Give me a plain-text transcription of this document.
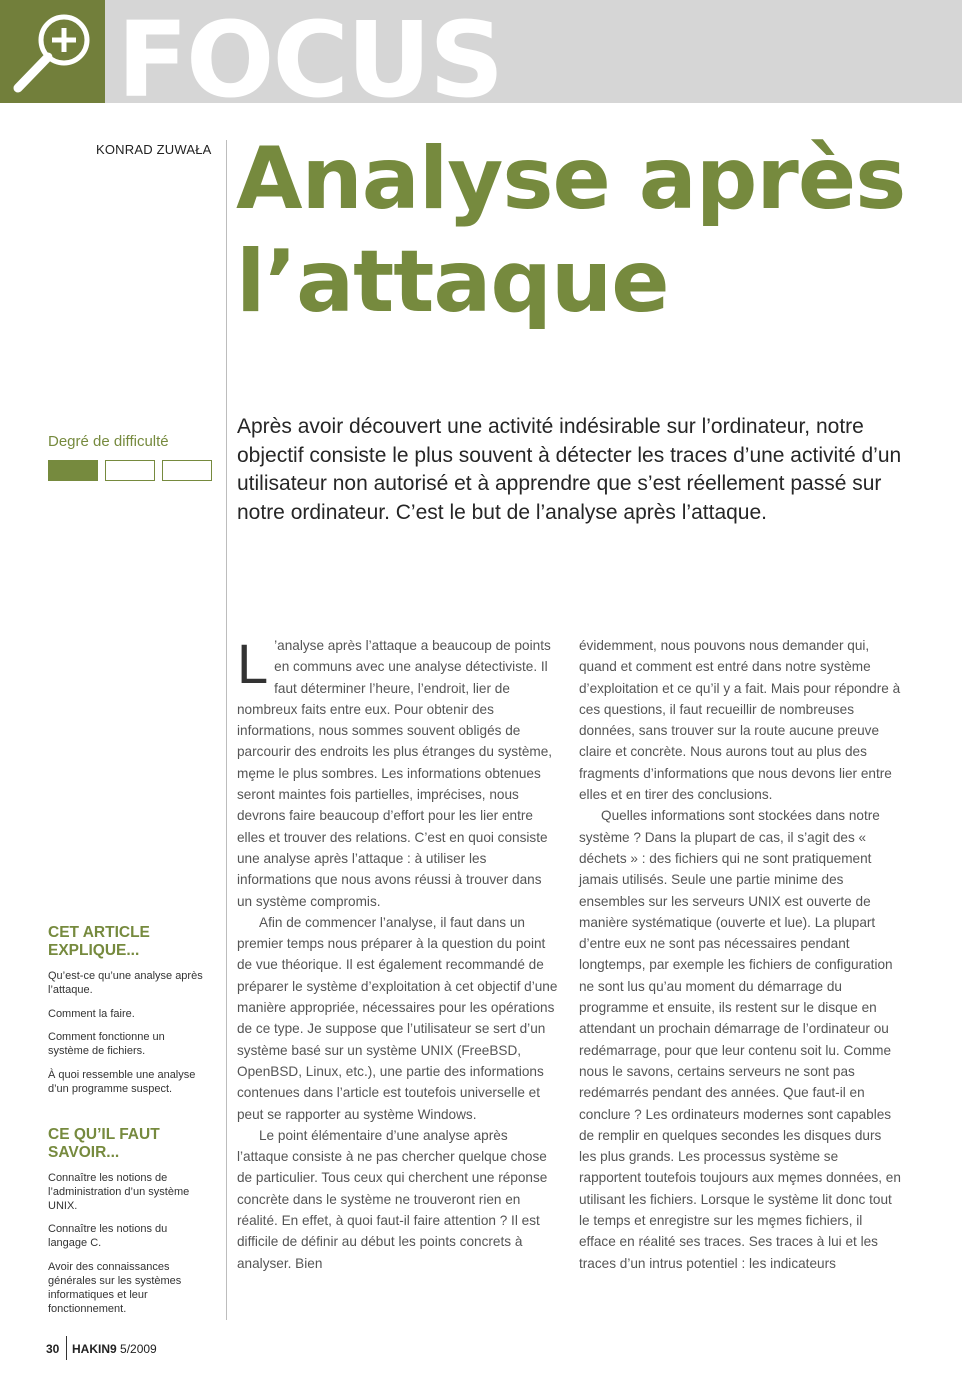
FOCUS
KONRAD ZUWAŁA Analyse après l’attaque
Degré de difficulté

Après avoir découvert une activité indésirable sur l’ordinateur, notre objectif consiste le plus souvent à détecter les traces d’une activité d’un utilisateur non autorisé et à apprendre que s’est réellement passé sur notre ordinateur. C’est le but de l’analyse après l’attaque.

L ’analyse après l’attaque a beaucoup de points en communs avec une analyse détectiviste. Il faut déterminer l’heure, l’endroit, lier de nombreux faits entre eux. Pour obtenir des informations, nous sommes souvent obligés de parcourir des endroits les plus étranges du système, mȩme le plus sombres. Les informations obtenues seront maintes fois partielles, imprécises, nous devrons faire beaucoup d’effort pour les lier entre elles et trouver des relations. C’est en quoi consiste une analyse après l’attaque : à utiliser les informations que nous avons réussi à trouver dans un système compromis.

Afin de commencer l’analyse, il faut dans un premier temps nous préparer à la question du point de vue théorique. Il est également recommandé de préparer le système d’exploitation à cet objectif d’une manière appropriée, nécessaires pour les opérations de ce type. Je suppose que l’utilisateur se sert d’un système basé sur un système UNIX (FreeBSD, OpenBSD, Linux, etc.), une partie des informations contenues dans l’article est toutefois universelle et peut se rapporter au système Windows.

Le point élémentaire d’une analyse après l’attaque consiste à ne pas chercher quelque chose de particulier. Tous ceux qui cherchent une réponse concrète dans le système ne trouveront rien en réalité. En effet, à quoi faut-il faire attention ? Il est difficile de définir au début les points concrets à analyser. Bien

évidemment, nous pouvons nous demander qui, quand et comment est entré dans notre système d’exploitation et ce qu’il y a fait. Mais pour répondre à ces questions, il faut recueillir de nombreuses données, sans trouver sur la route aucune preuve claire et concrète. Nous aurons tout au plus des fragments d’informations que nous devons lier entre elles et en tirer des conclusions.

Quelles informations sont stockées dans notre système ? Dans la plupart de cas, il s’agit des « déchets » : des fichiers qui ne sont pratiquement jamais utilisés. Seule une partie minime des ensembles sur les serveurs UNIX est ouverte de manière systématique (ouverte et lue). La plupart d’entre eux ne sont pas nécessaires pendant longtemps, par exemple les fichiers de configuration ne sont lus qu’au moment du démarrage du programme et ensuite, ils restent sur le disque en attendant un prochain démarrage de l’ordinateur ou redémarrage, pour que leur contenu soit lu. Comme nous le savons, certains serveurs ne sont pas redémarrés pendant des années. Que faut-il en conclure ? Les ordinateurs modernes sont capables de remplir en quelques secondes les disques durs les plus grands. Les processus système se rapportent toutefois toujours aux mȩmes données, en utilisant les fichiers. Lorsque le système lit donc tout le temps et enregistre sur les mȩmes fichiers, il efface en réalité ses traces. Ses traces à lui et les traces d’un intrus potentiel : les indicateurs

CET ARTICLE EXPLIQUE...
Qu’est-ce qu’une analyse après l’attaque.
Comment la faire.
Comment fonctionne un système de fichiers.
À quoi ressemble une analyse d’un programme suspect.
CE QU’IL FAUT SAVOIR...
Connaître les notions de l’administration d’un système UNIX.
Connaître les notions du langage C.
Avoir des connaissances générales sur les systèmes informatiques et leur fonctionnement.
30 HAKIN9 5/2009
